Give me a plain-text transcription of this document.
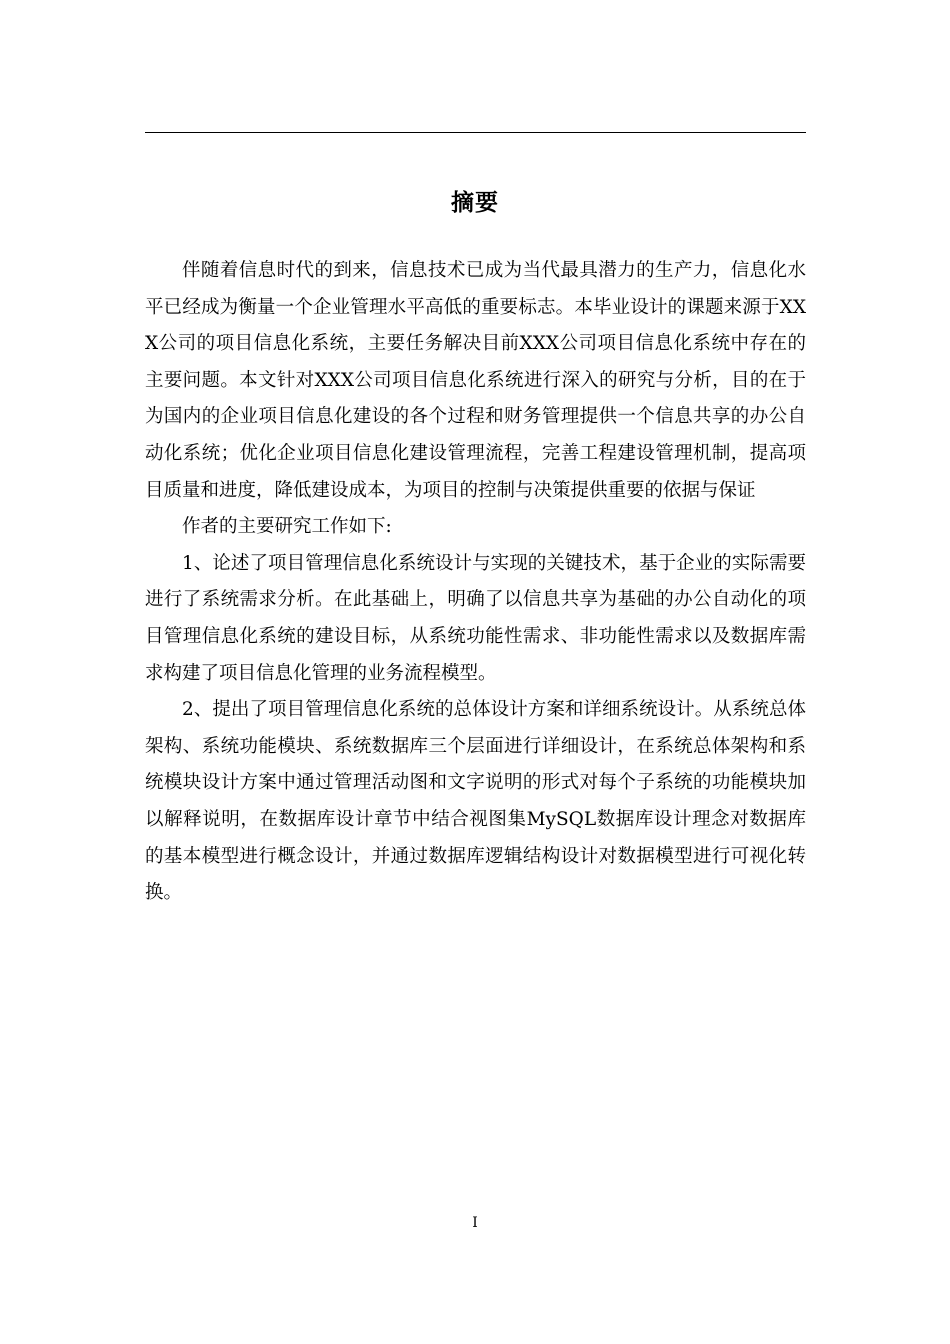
摘要

伴随着信息时代的到来，信息技术已成为当代最具潜力的生产力，信息化水平已经成为衡量一个企业管理水平高低的重要标志。本毕业设计的课题来源于XXX公司的项目信息化系统，主要任务解决目前XXX公司项目信息化系统中存在的主要问题。本文针对XXX公司项目信息化系统进行深入的研究与分析，目的在于为国内的企业项目信息化建设的各个过程和财务管理提供一个信息共享的办公自动化系统；优化企业项目信息化建设管理流程，完善工程建设管理机制，提高项目质量和进度，降低建设成本，为项目的控制与决策提供重要的依据与保证

作者的主要研究工作如下:

1、论述了项目管理信息化系统设计与实现的关键技术，基于企业的实际需要进行了系统需求分析。在此基础上，明确了以信息共享为基础的办公自动化的项目管理信息化系统的建设目标，从系统功能性需求、非功能性需求以及数据库需求构建了项目信息化管理的业务流程模型。

2、提出了项目管理信息化系统的总体设计方案和详细系统设计。从系统总体架构、系统功能模块、系统数据库三个层面进行详细设计，在系统总体架构和系统模块设计方案中通过管理活动图和文字说明的形式对每个子系统的功能模块加以解释说明，在数据库设计章节中结合视图集MySQL数据库设计理念对数据库的基本模型进行概念设计，并通过数据库逻辑结构设计对数据模型进行可视化转换。

I
